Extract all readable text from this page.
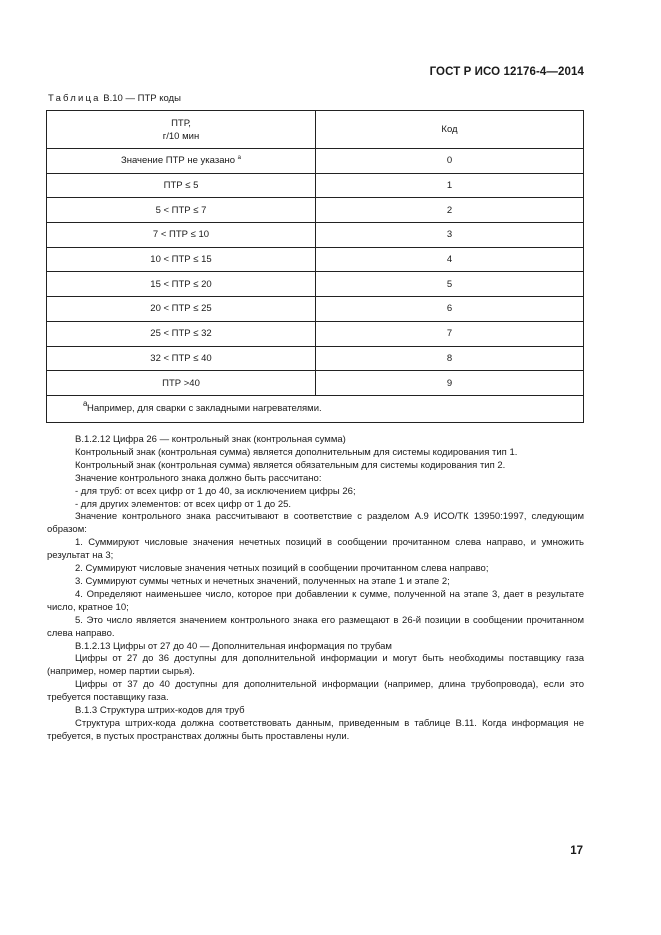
ГОСТ Р ИСО 12176-4—2014
Таблица В.10 — ПТР коды
ПТР,
г/10 мин	Код
Значение ПТР не указано $^а$	0
ПТР ≤ 5	1
5 < ПТР ≤ 7	2
7 < ПТР ≤ 10	3
10 < ПТР ≤ 15	4
15 < ПТР ≤ 20	5
20 < ПТР ≤ 25	6
25 < ПТР ≤ 32	7
32 < ПТР ≤ 40	8
ПТР >40	9

а Например, для сварки с закладными нагревателями.	

В.1.2.12 Цифра 26 — контрольный знак (контрольная сумма)

Контрольный знак (контрольная сумма) является дополнительным для системы кодирования тип 1.

Контрольный знак (контрольная сумма) является обязательным для системы кодирования тип 2.

Значение контрольного знака должно быть рассчитано:

- для труб: от всех цифр от 1 до 40, за исключением цифры 26;

- для других элементов: от всех цифр от 1 до 25.

Значение контрольного знака рассчитывают в соответствие с разделом А.9 ИСО/ТК 13950:1997, следующим образом:

1. Суммируют числовые значения нечетных позиций в сообщении прочитанном слева направо, и умножить результат на 3;

2. Суммируют числовые значения четных позиций в сообщении прочитанном слева направо;

3. Суммируют суммы четных и нечетных значений, полученных на этапе 1 и этапе 2;

4. Определяют наименьшее число, которое при добавлении к сумме, полученной на этапе 3, дает в результате число, кратное 10;

5. Это число является значением контрольного знака его размещают в 26-й позиции в сообщении прочитанном слева направо.

В.1.2.13 Цифры от 27 до 40 — Дополнительная информация по трубам

Цифры от 27 до 36 доступны для дополнительной информации и могут быть необходимы поставщику газа (например, номер партии сырья).

Цифры от 37 до 40 доступны для дополнительной информации (например, длина трубопровода), если это требуется поставщику газа.

В.1.3 Структура штрих-кодов для труб

Структура штрих-кода должна соответствовать данным, приведенным в таблице В.11. Когда информация не требуется, в пустых пространствах должны быть проставлены нули.

17
